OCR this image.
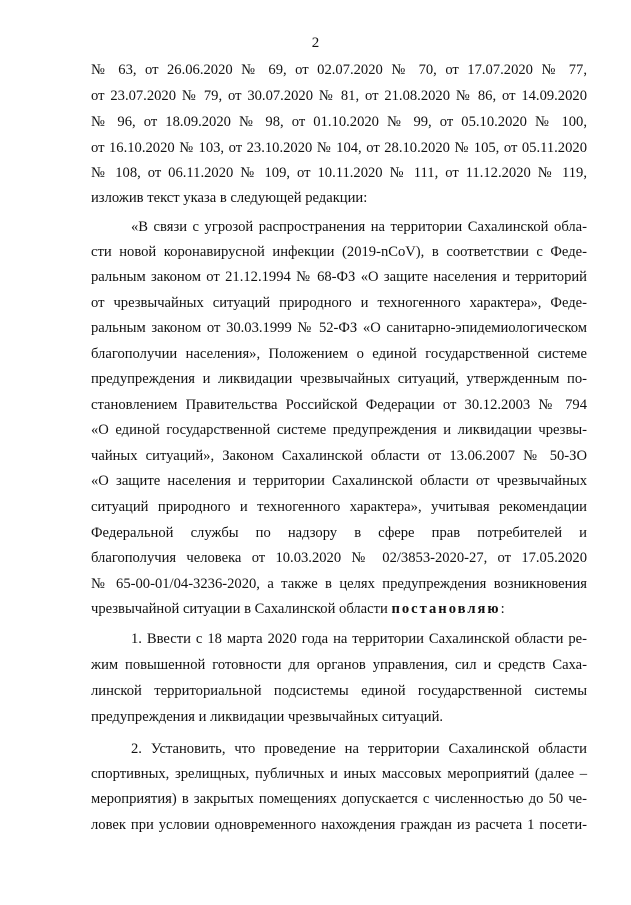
2
№ 63, от 26.06.2020 № 69, от 02.07.2020 № 70, от 17.07.2020 № 77,
от 23.07.2020 № 79, от 30.07.2020 № 81, от 21.08.2020 № 86, от 14.09.2020
№ 96, от 18.09.2020 № 98, от 01.10.2020 № 99, от 05.10.2020 № 100,
от 16.10.2020 № 103, от 23.10.2020 № 104, от 28.10.2020 № 105, от 05.11.2020
№ 108, от 06.11.2020 № 109, от 10.11.2020 № 111, от 11.12.2020 № 119,
изложив текст указа в следующей редакции:
«В связи с угрозой распространения на территории Сахалинской обла-
сти новой коронавирусной инфекции (2019-nCoV), в соответствии с Феде-
ральным законом от 21.12.1994 № 68-ФЗ «О защите населения и территорий
от чрезвычайных ситуаций природного и техногенного характера», Феде-
ральным законом от 30.03.1999 № 52-ФЗ «О санитарно-эпидемиологическом
благополучии населения», Положением о единой государственной системе
предупреждения и ликвидации чрезвычайных ситуаций, утвержденным по-
становлением Правительства Российской Федерации от 30.12.2003 № 794
«О единой государственной системе предупреждения и ликвидации чрезвы-
чайных ситуаций», Законом Сахалинской области от 13.06.2007 № 50-ЗО
«О защите населения и территории Сахалинской области от чрезвычайных
ситуаций природного и техногенного характера», учитывая рекомендации
Федеральной службы по надзору в сфере прав потребителей и
благополучия человека от 10.03.2020 № 02/3853-2020-27, от 17.05.2020
№ 65-00-01/04-3236-2020, а также в целях предупреждения возникновения
чрезвычайной ситуации в Сахалинской области постановляю:
1. Ввести с 18 марта 2020 года на территории Сахалинской области ре-
жим повышенной готовности для органов управления, сил и средств Саха-
линской территориальной подсистемы единой государственной системы
предупреждения и ликвидации чрезвычайных ситуаций.
2. Установить, что проведение на территории Сахалинской области
спортивных, зрелищных, публичных и иных массовых мероприятий (далее –
мероприятия) в закрытых помещениях допускается с численностью до 50 че-
ловек при условии одновременного нахождения граждан из расчета 1 посети-
